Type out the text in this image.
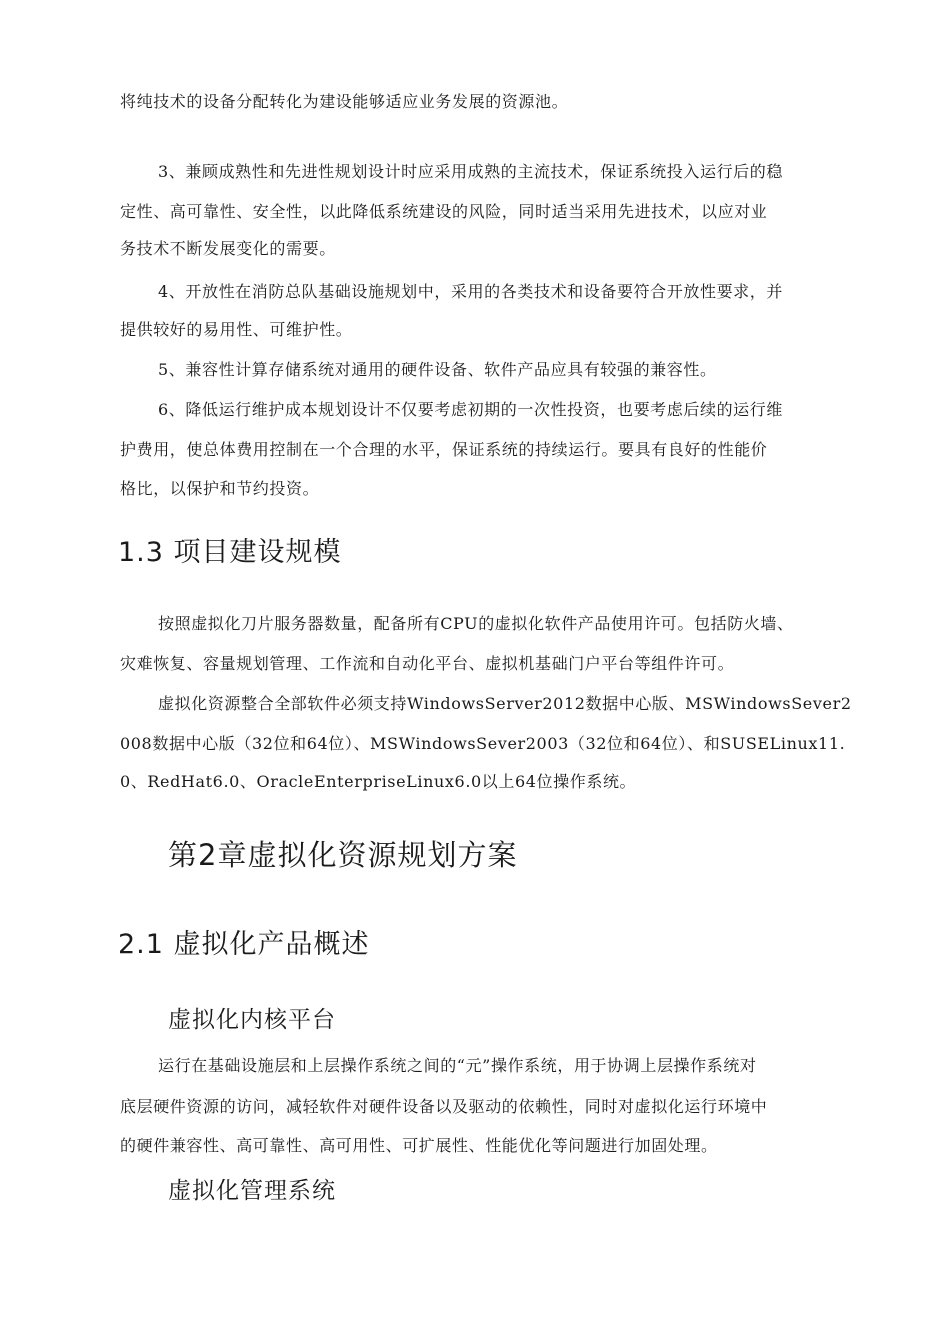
将纯技术的设备分配转化为建设能够适应业务发展的资源池。
3、兼顾成熟性和先进性规划设计时应采用成熟的主流技术，保证系统投入运行后的稳
定性、高可靠性、安全性，以此降低系统建设的风险，同时适当采用先进技术，以应对业
务技术不断发展变化的需要。
4、开放性在消防总队基础设施规划中，采用的各类技术和设备要符合开放性要求，并
提供较好的易用性、可维护性。
5、兼容性计算存储系统对通用的硬件设备、软件产品应具有较强的兼容性。
6、降低运行维护成本规划设计不仅要考虑初期的一次性投资，也要考虑后续的运行维
护费用，使总体费用控制在一个合理的水平，保证系统的持续运行。要具有良好的性能价
格比，以保护和节约投资。
1.3 项目建设规模
按照虚拟化刀片服务器数量，配备所有CPU的虚拟化软件产品使用许可。包括防火墙、
灾难恢复、容量规划管理、工作流和自动化平台、虚拟机基础门户平台等组件许可。
虚拟化资源整合全部软件必须支持WindowsServer2012数据中心版、MSWindowsSever2
008数据中心版（32位和64位）、MSWindowsSever2003（32位和64位）、和SUSELinux11.
0、RedHat6.0、OracleEnterpriseLinux6.0以上64位操作系统。
第2章虚拟化资源规划方案
2.1 虚拟化产品概述
虚拟化内核平台
运行在基础设施层和上层操作系统之间的“元”操作系统，用于协调上层操作系统对
底层硬件资源的访问，减轻软件对硬件设备以及驱动的依赖性，同时对虚拟化运行环境中
的硬件兼容性、高可靠性、高可用性、可扩展性、性能优化等问题进行加固处理。
虚拟化管理系统
